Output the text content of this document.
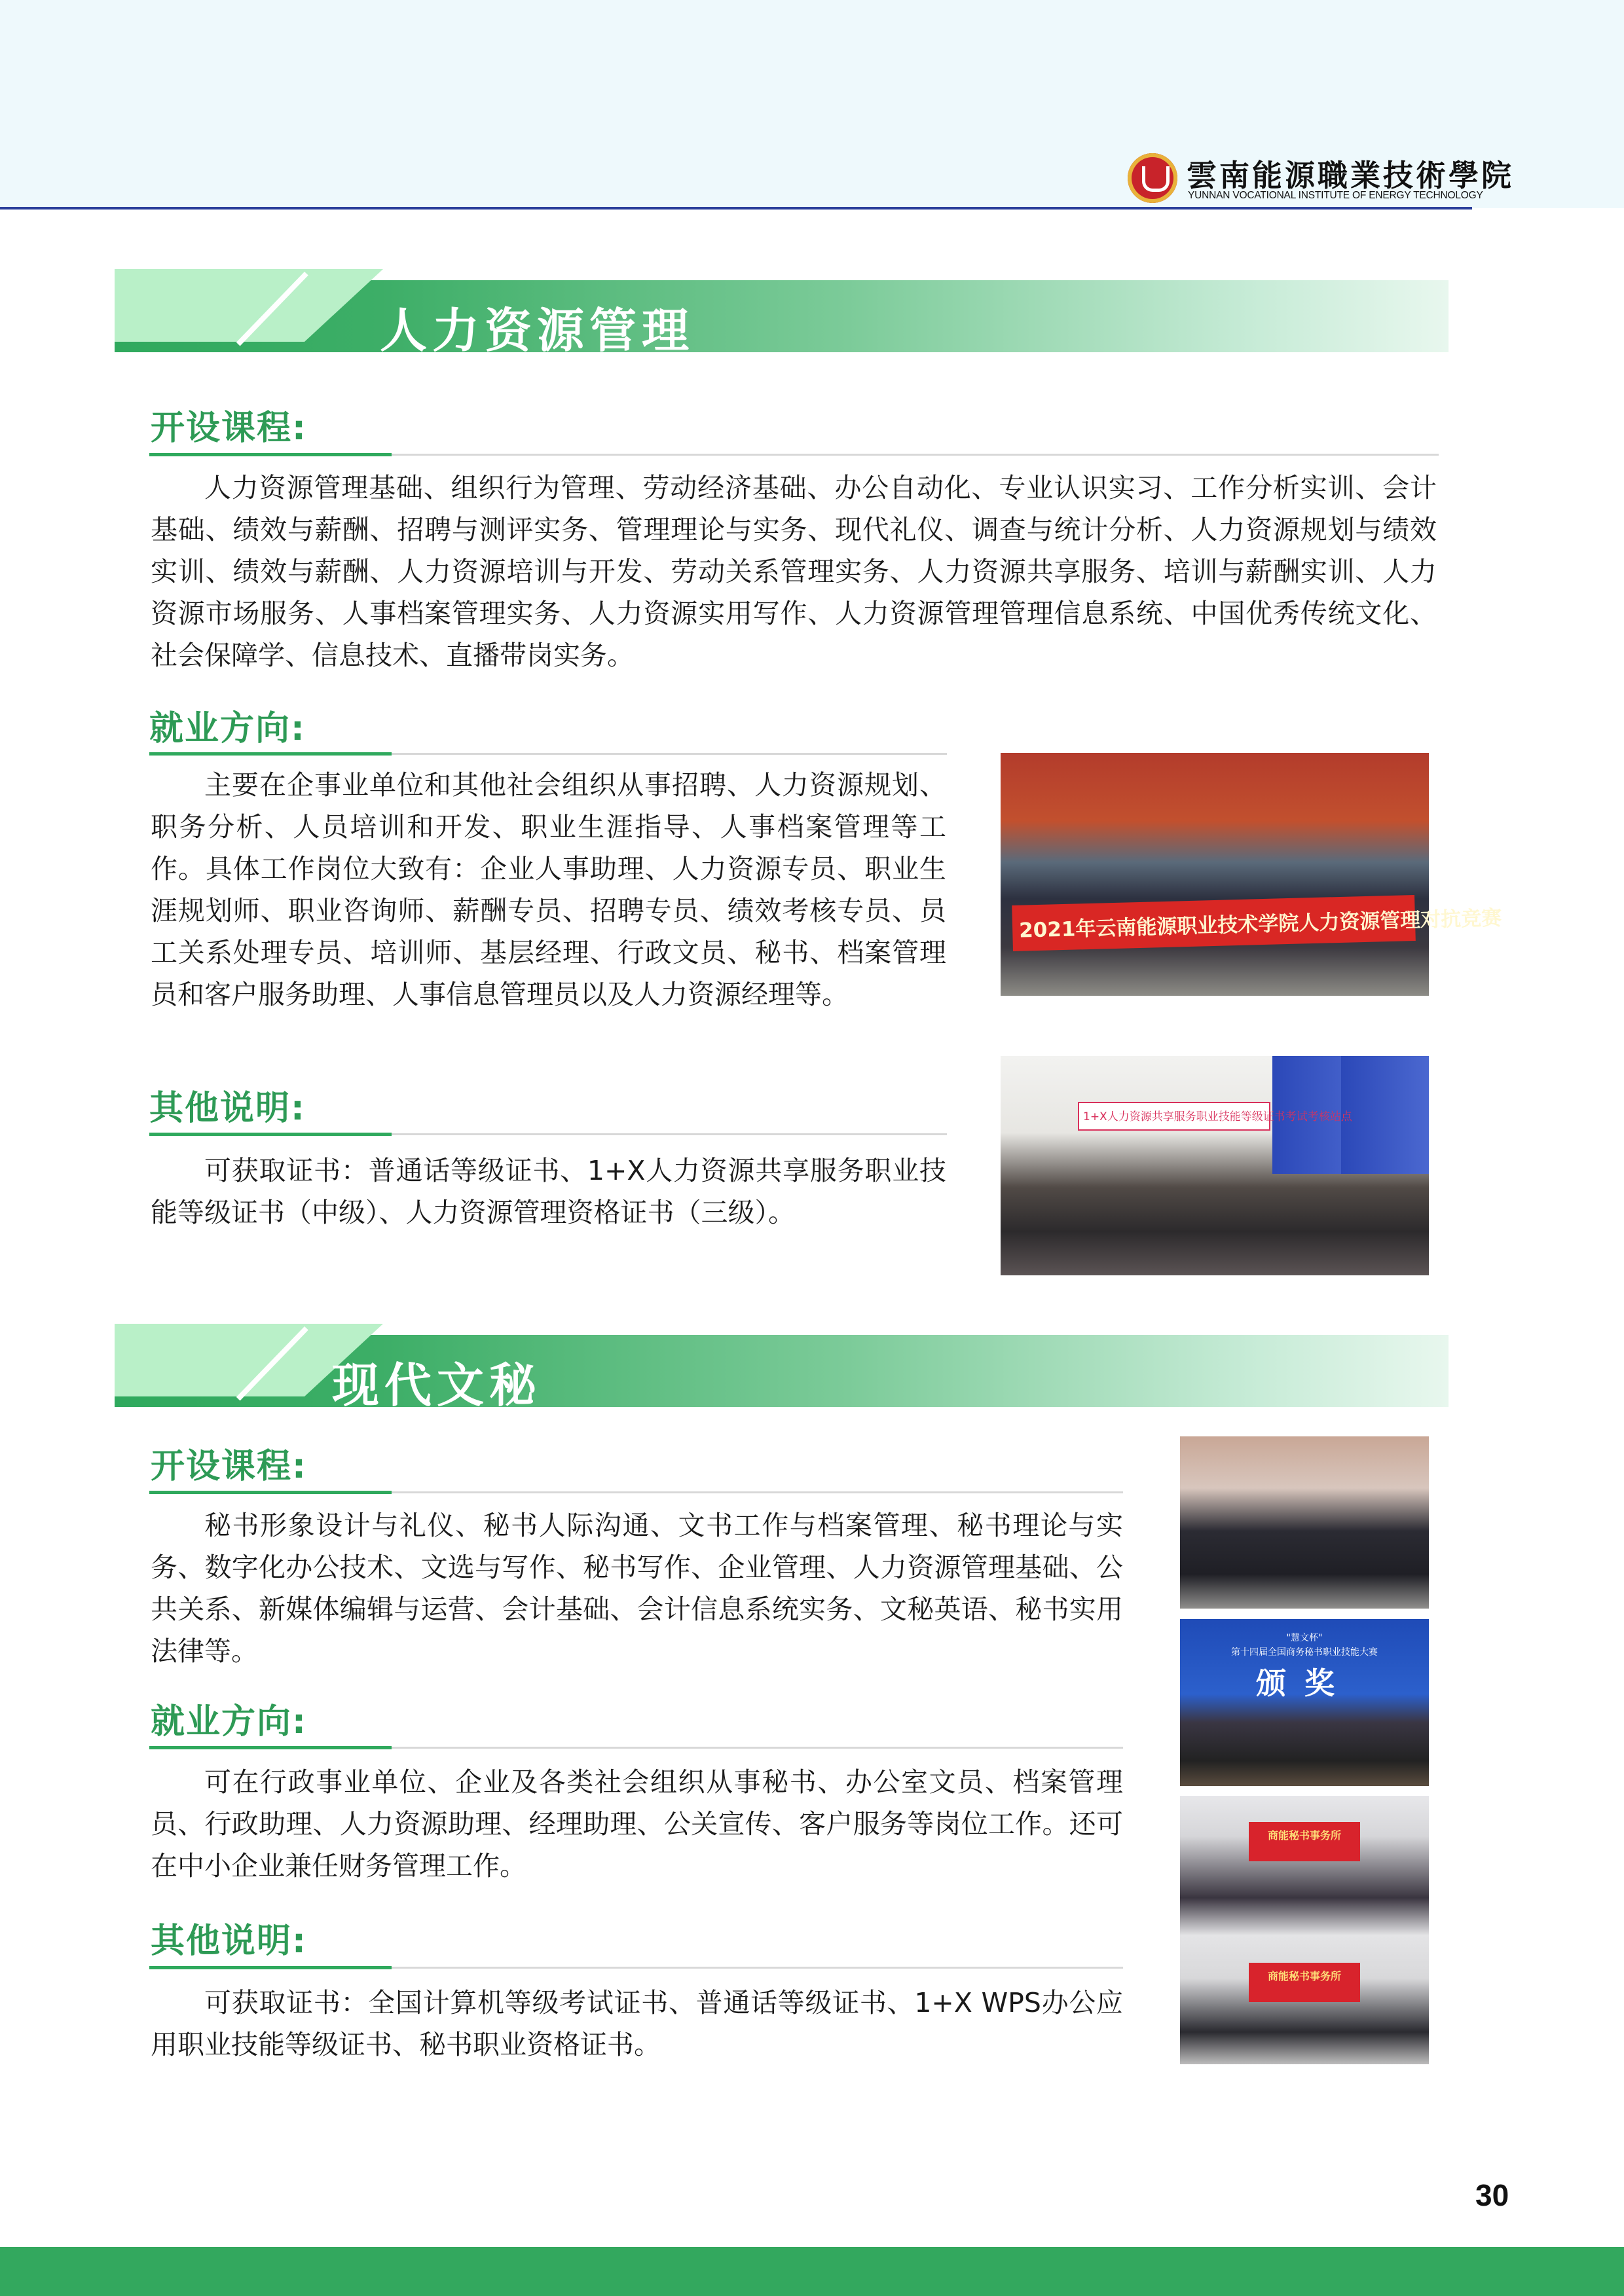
雲南能源職業技術學院
YUNNAN VOCATIONAL INSTITUTE OF ENERGY TECHNOLOGY
人力资源管理
开设课程:

人力资源管理基础、组织行为管理、劳动经济基础、办公自动化、专业认识实习、工作分析实训、会计基础、绩效与薪酬、招聘与测评实务、管理理论与实务、现代礼仪、调查与统计分析、人力资源规划与绩效实训、绩效与薪酬、人力资源培训与开发、劳动关系管理实务、人力资源共享服务、培训与薪酬实训、人力资源市场服务、人事档案管理实务、人力资源实用写作、人力资源管理管理信息系统、中国优秀传统文化、社会保障学、信息技术、直播带岗实务。

就业方向:

主要在企事业单位和其他社会组织从事招聘、人力资源规划、职务分析、人员培训和开发、职业生涯指导、人事档案管理等工作。具体工作岗位大致有：企业人事助理、人力资源专员、职业生涯规划师、职业咨询师、薪酬专员、招聘专员、绩效考核专员、员工关系处理专员、培训师、基层经理、行政文员、秘书、档案管理员和客户服务助理、人事信息管理员以及人力资源经理等。

其他说明:

可获取证书：普通话等级证书、1+X人力资源共享服务职业技能等级证书（中级）、人力资源管理资格证书（三级）。

2021年云南能源职业技术学院人力资源管理对抗竞赛
1+X人力资源共享服务职业技能等级证书考试考核站点
现代文秘
开设课程:

秘书形象设计与礼仪、秘书人际沟通、文书工作与档案管理、秘书理论与实务、数字化办公技术、文选与写作、秘书写作、企业管理、人力资源管理基础、公共关系、新媒体编辑与运营、会计基础、会计信息系统实务、文秘英语、秘书实用法律等。

就业方向:

可在行政事业单位、企业及各类社会组织从事秘书、办公室文员、档案管理员、行政助理、人力资源助理、经理助理、公关宣传、客户服务等岗位工作。还可在中小企业兼任财务管理工作。

其他说明:

可获取证书：全国计算机等级考试证书、普通话等级证书、1+X WPS办公应用职业技能等级证书、秘书职业资格证书。

"慧文杯"
第十四届全国商务秘书职业技能大赛
颁奖
商能秘书事务所
商能秘书事务所
30
